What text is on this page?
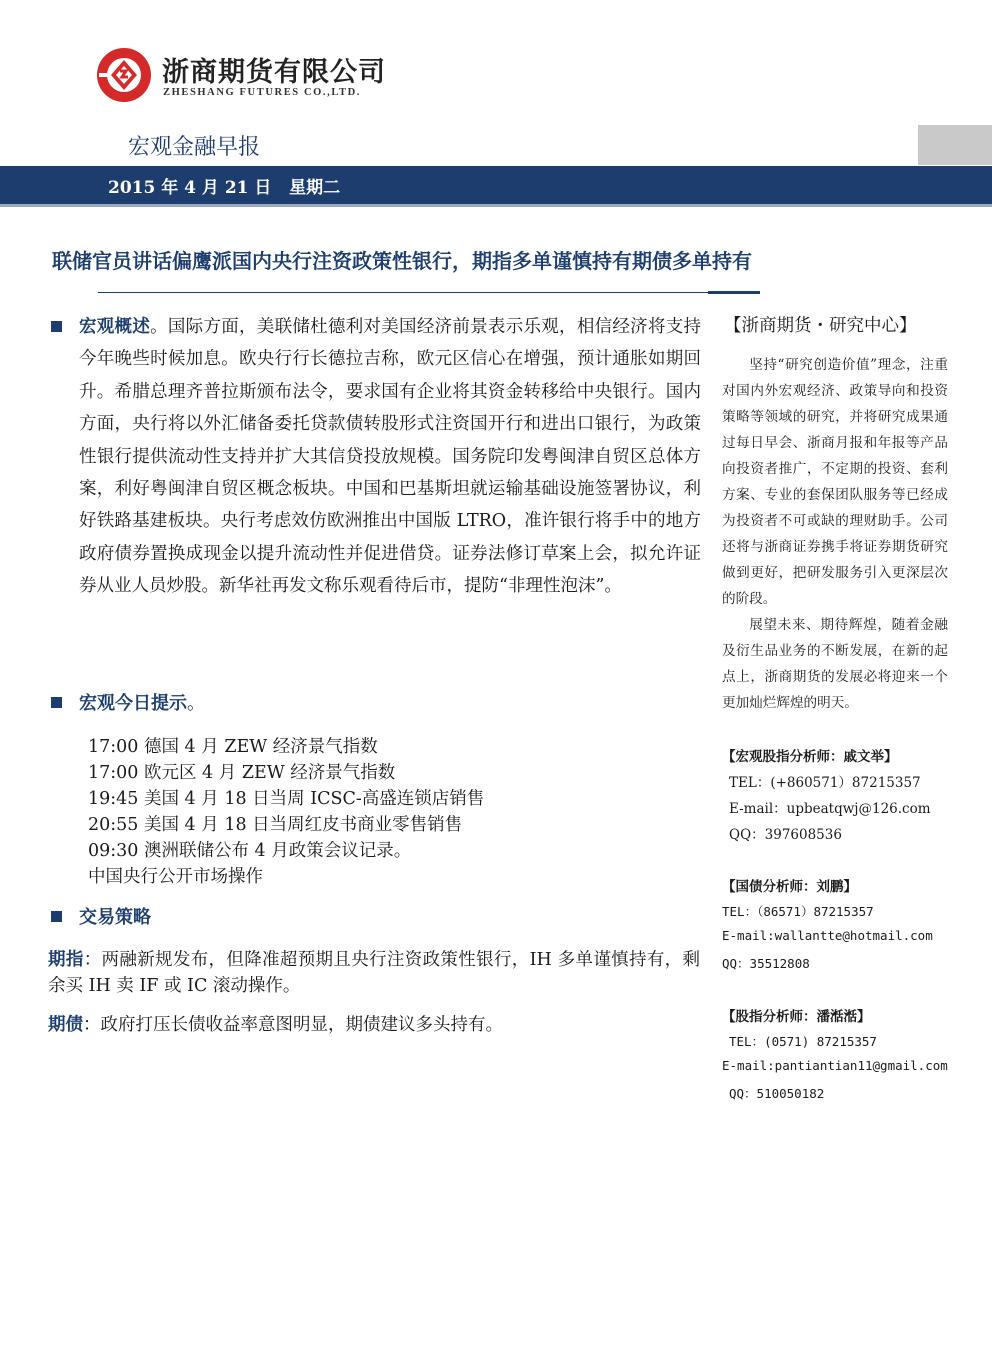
浙商期货有限公司
ZHESHANG FUTURES CO.,LTD.
宏观金融早报
2015 年 4 月 21 日 星期二
联储官员讲话偏鹰派国内央行注资政策性银行，期指多单谨慎持有期债多单持有
宏观概述。国际方面，美联储杜德利对美国经济前景表示乐观，相信经济将支持今年晚些时候加息。欧央行行长德拉吉称，欧元区信心在增强，预计通胀如期回升。希腊总理齐普拉斯颁布法令，要求国有企业将其资金转移给中央银行。国内方面，央行将以外汇储备委托贷款债转股形式注资国开行和进出口银行，为政策性银行提供流动性支持并扩大其信贷投放规模。国务院印发粤闽津自贸区总体方案，利好粤闽津自贸区概念板块。中国和巴基斯坦就运输基础设施签署协议，利好铁路基建板块。央行考虑效仿欧洲推出中国版 LTRO，准许银行将手中的地方政府债券置换成现金以提升流动性并促进借贷。证券法修订草案上会，拟允许证券从业人员炒股。新华社再发文称乐观看待后市，提防“非理性泡沫”。
宏观今日提示。
17:00 德国 4 月 ZEW 经济景气指数
17:00 欧元区 4 月 ZEW 经济景气指数
19:45 美国 4 月 18 日当周 ICSC-高盛连锁店销售
20:55 美国 4 月 18 日当周红皮书商业零售销售
09:30 澳洲联储公布 4 月政策会议记录。
中国央行公开市场操作
交易策略
期指：两融新规发布，但降准超预期且央行注资政策性银行，IH 多单谨慎持有，剩余买 IH 卖 IF 或 IC 滚动操作。
期债：政府打压长债收益率意图明显，期债建议多头持有。
【浙商期货・研究中心】
坚持“研究创造价值”理念，注重对国内外宏观经济、政策导向和投资策略等领域的研究，并将研究成果通过每日早会、浙商月报和年报等产品向投资者推广，不定期的投资、套利方案、专业的套保团队服务等已经成为投资者不可或缺的理财助手。公司还将与浙商证券携手将证券期货研究做到更好，把研发服务引入更深层次的阶段。
展望未来、期待辉煌，随着金融及衍生品业务的不断发展，在新的起点上，浙商期货的发展必将迎来一个更加灿烂辉煌的明天。
【宏观股指分析师：戚文举】
TEL：(+860571）87215357
E-mail：upbeatqwj@126.com
QQ：397608536
【国债分析师：刘鹏】
TEL：（86571）87215357
E-mail:wallantte@hotmail.com
QQ：35512808
【股指分析师：潘湉湉】
TEL：(0571) 87215357
E-mail:pantiantian11@gmail.com
QQ：510050182
